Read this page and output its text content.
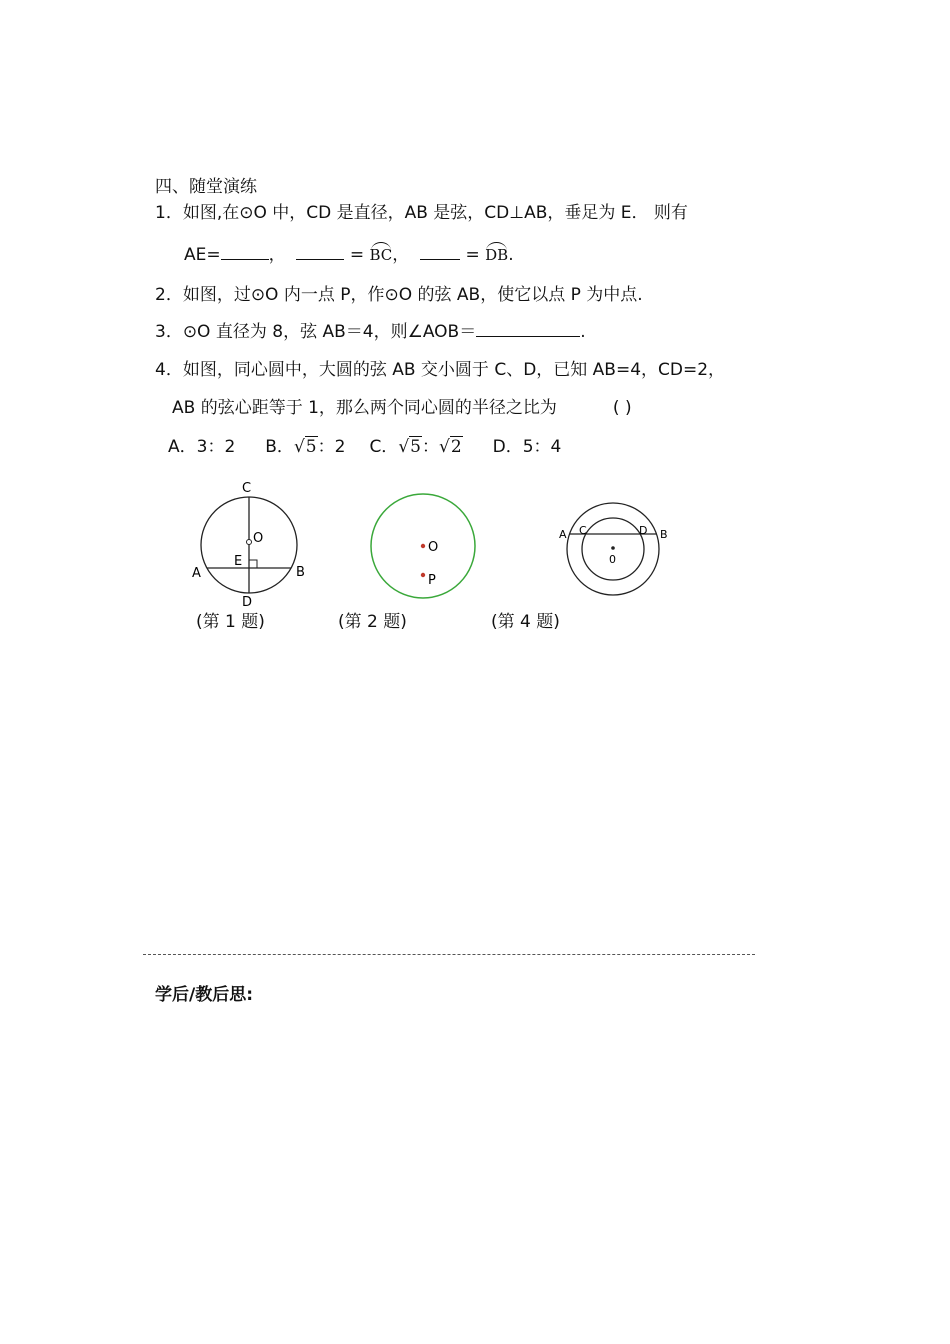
四、随堂演练
1．如图,在⊙O 中，CD 是直径，AB 是弦，CD⊥AB，垂足为 E． 则有
AE=	，	= BC，	= DB.
2．如图，过⊙O 内一点 P，作⊙O 的弦 AB，使它以点 P 为中点.
3．⊙O 直径为 8，弦 AB＝4，则∠AOB＝	.
4．如图，同心圆中，大圆的弦 AB 交小圆于 C、D，已知 AB=4，CD=2，
AB 的弦心距等于 1，那么两个同心圆的半径之比为	( )
A．3：2 B．√5：2 C．√5：√2 D．5：4
C
O
E
A	B
D
(第 1 题)
O
P
(第 2 题)
A C	D B
0
(第 4 题)
学后/教后思:
